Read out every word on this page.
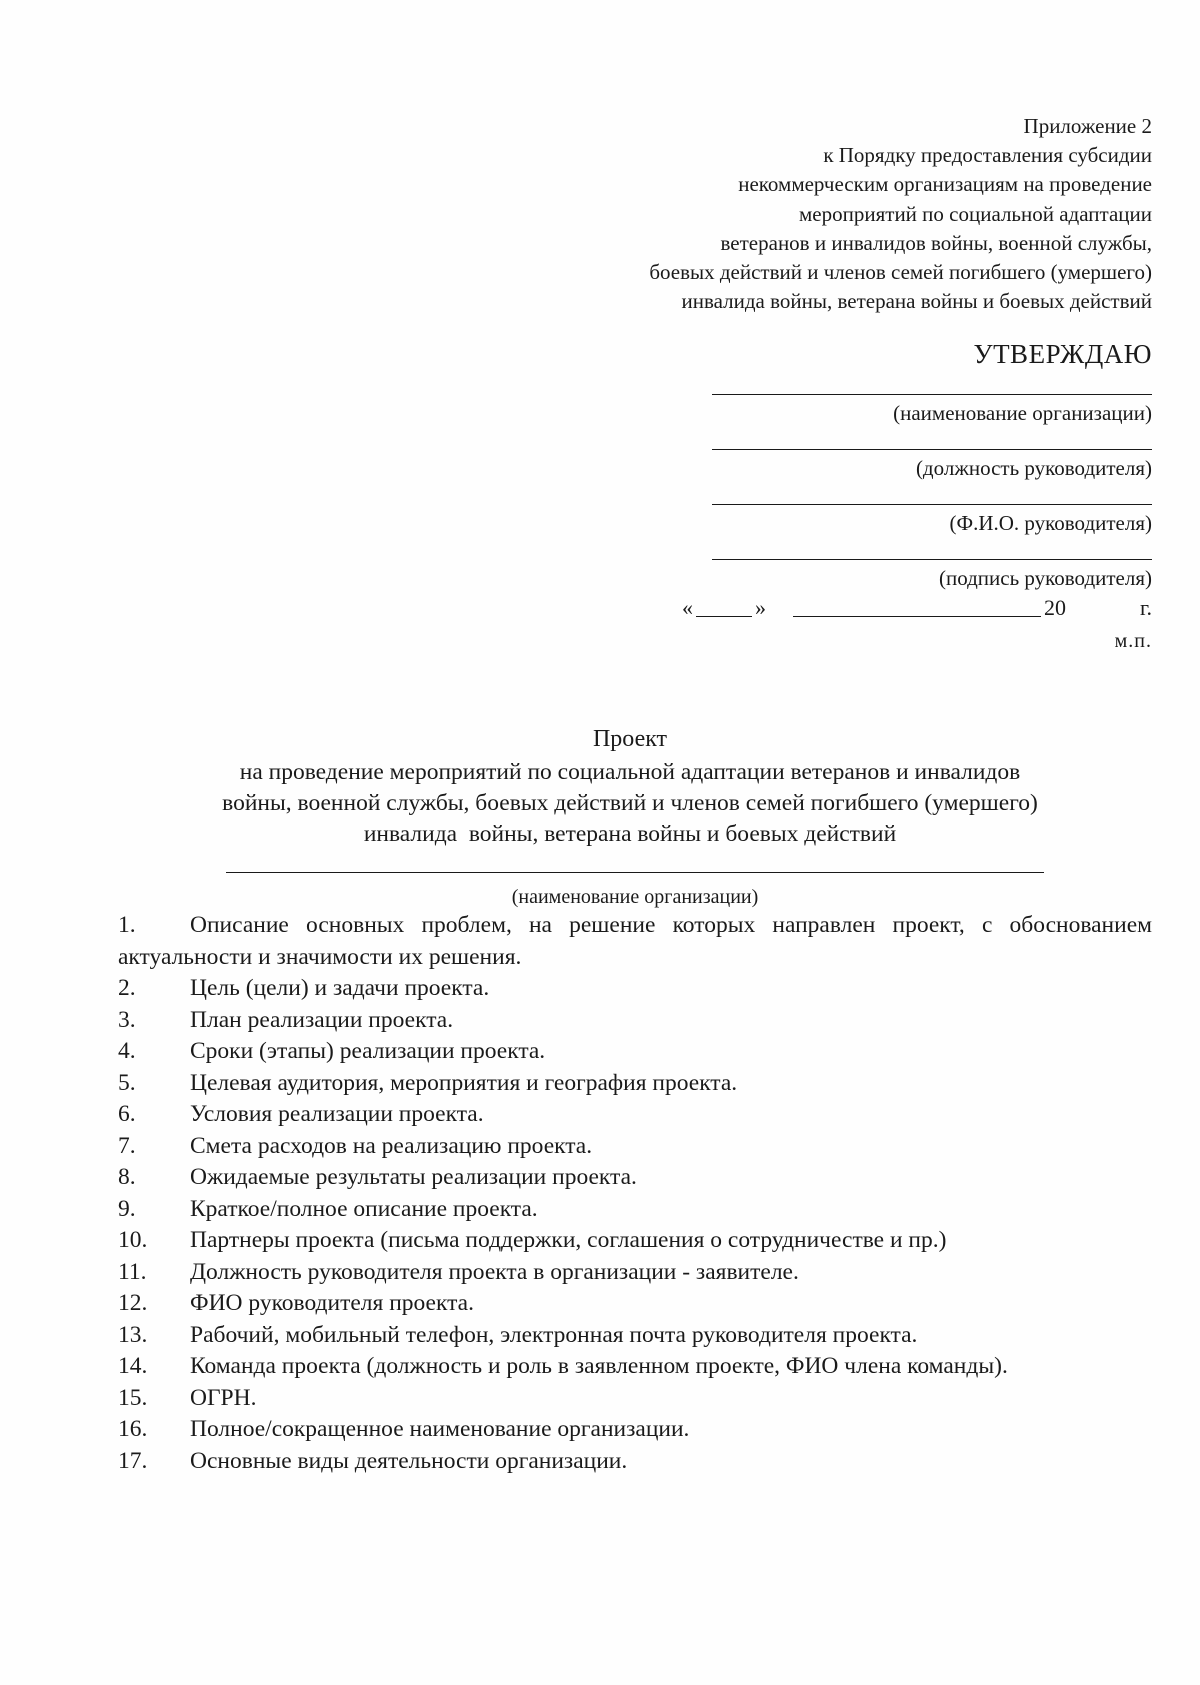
Приложение 2
к Порядку предоставления субсидии
некоммерческим организациям на проведение
мероприятий по социальной адаптации
ветеранов и инвалидов войны, военной службы,
боевых действий и членов семей погибшего (умершего)
инвалида войны, ветерана войны и боевых действий
УТВЕРЖДАЮ
(наименование организации)
(должность руководителя)
(Ф.И.О. руководителя)
(подпись руководителя)
«	»	20	г.
м.п.
Проект
на проведение мероприятий по социальной адаптации ветеранов и инвалидов
войны, военной службы, боевых действий и членов семей погибшего (умершего)
инвалида  войны, ветерана войны и боевых действий
(наименование организации)
1. Описание основных проблем, на решение которых направлен проект, с обоснованием актуальности и значимости их решения.
2. Цель (цели) и задачи проекта.
3. План реализации проекта.
4. Сроки (этапы) реализации проекта.
5. Целевая аудитория, мероприятия и география проекта.
6. Условия реализации проекта.
7. Смета расходов на реализацию проекта.
8. Ожидаемые результаты реализации проекта.
9. Краткое/полное описание проекта.
10. Партнеры проекта (письма поддержки, соглашения о сотрудничестве и пр.)
11. Должность руководителя проекта в организации - заявителе.
12. ФИО руководителя проекта.
13. Рабочий, мобильный телефон, электронная почта руководителя проекта.
14. Команда проекта (должность и роль в заявленном проекте, ФИО члена команды).
15. ОГРН.
16. Полное/сокращенное наименование организации.
17. Основные виды деятельности организации.
